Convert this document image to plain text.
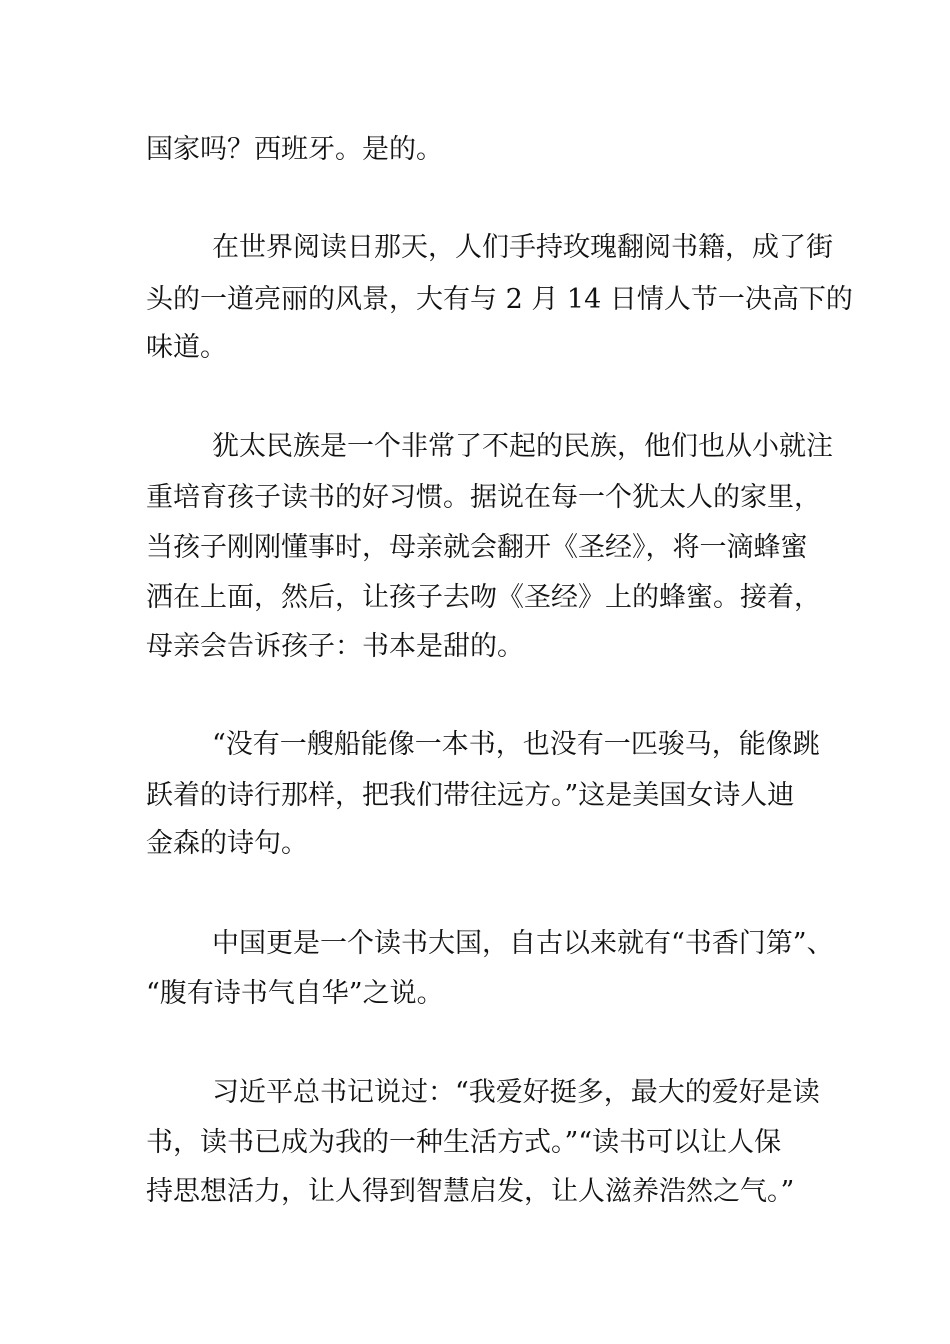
国家吗？西班牙。是的。

在世界阅读日那天，人们手持玫瑰翻阅书籍，成了街

头的一道亮丽的风景，大有与 2 月 14 日情人节一决高下的

味道。

犹太民族是一个非常了不起的民族，他们也从小就注

重培育孩子读书的好习惯。据说在每一个犹太人的家里，

当孩子刚刚懂事时，母亲就会翻开《圣经》，将一滴蜂蜜

洒在上面，然后，让孩子去吻《圣经》上的蜂蜜。接着，

母亲会告诉孩子：书本是甜的。

“没有一艘船能像一本书，也没有一匹骏马，能像跳

跃着的诗行那样，把我们带往远方。”这是美国女诗人迪

金森的诗句。

中国更是一个读书大国，自古以来就有“书香门第”、

“腹有诗书气自华”之说。

习近平总书记说过：“我爱好挺多，最大的爱好是读

书，读书已成为我的一种生活方式。”“读书可以让人保

持思想活力，让人得到智慧启发，让人滋养浩然之气。”
